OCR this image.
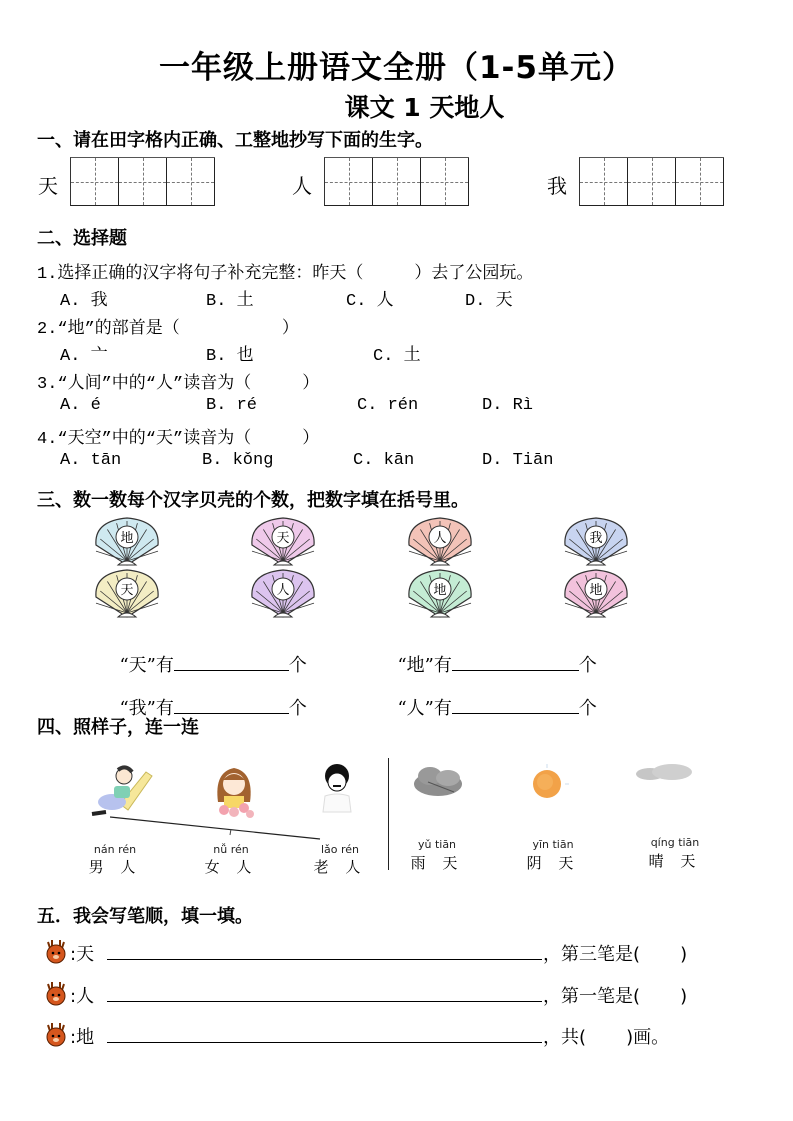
一年级上册语文全册（1-5单元）
课文 1 天地人
一、请在田字格内正确、工整地抄写下面的生字。
天	人	我
二、选择题
1.选择正确的汉字将句子补充完整：昨天（     ）去了公园玩。
A. 我	B. 土	C. 人	D. 天
2.“地”的部首是（          ）
A. 亠	B. 也	C. 土
3.“人间”中的“人”读音为（     ）
A. é	B. ré	C. rén	D. Rì
4.“天空”中的“天”读音为（     ）
A. tān	B. kǒng	C. kān	D. Tiān
三、数一数每个汉字贝壳的个数，把数字填在括号里。
地	天	人	我
天	人	地	地

“天”有	个	“地”有	个

“我”有	个	“人”有	个

四、照样子，连一连
nán rén
男 人
nǚ rén
女 人
lǎo rén
老 人
yǔ tiān
雨 天
yīn tiān
阴 天
qíng tiān
晴 天
五．我会写笔顺，填一填。
:天	，第三笔是(       )
:人	，第一笔是(       )
:地	，共(       )画。
